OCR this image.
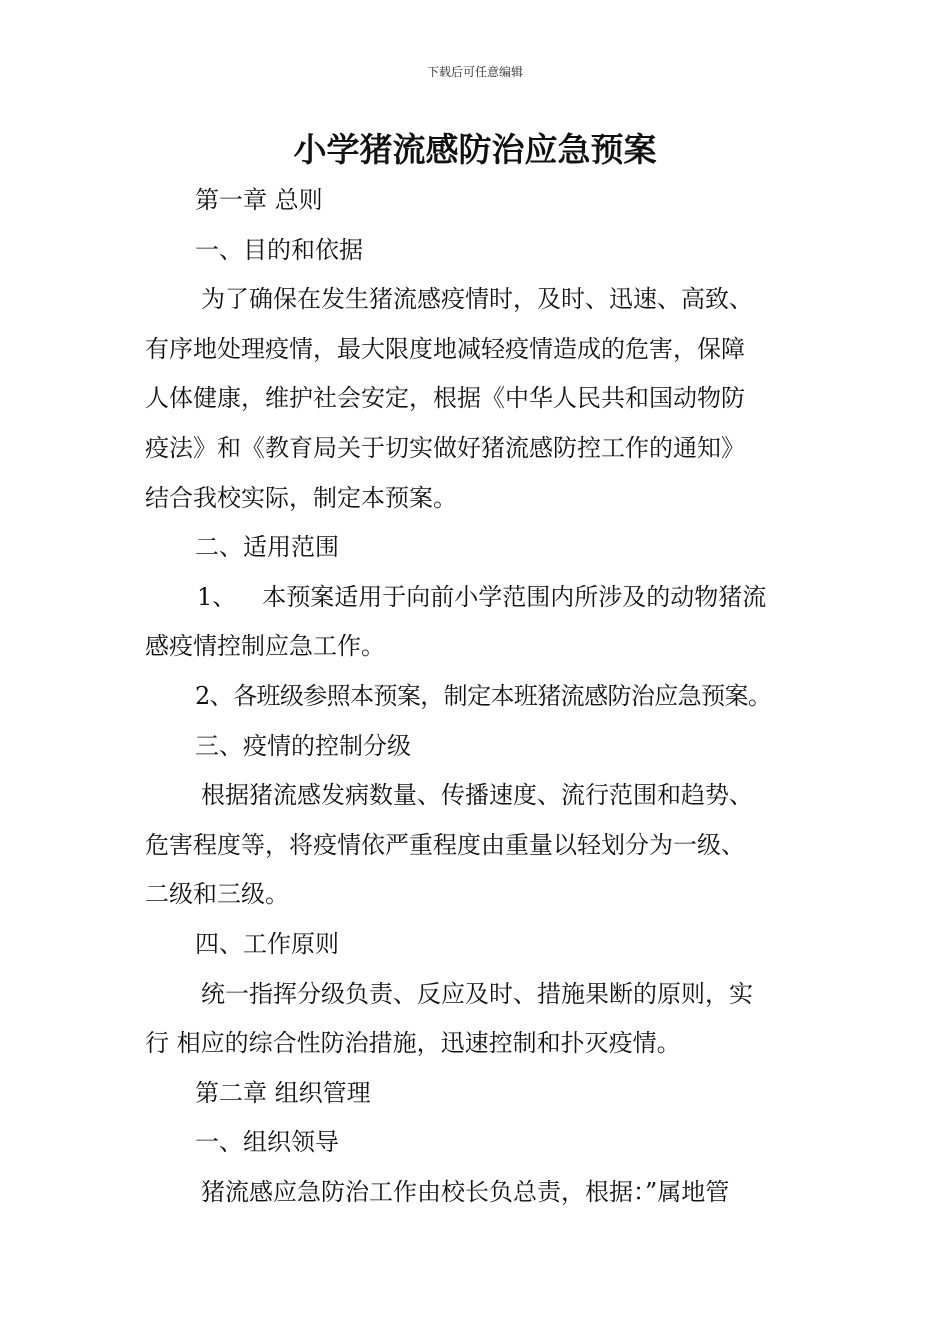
下载后可任意编辑
小学猪流感防治应急预案
第一章 总则
一、目的和依据
为了确保在发生猪流感疫情时，及时、迅速、高致、
有序地处理疫情，最大限度地减轻疫情造成的危害，保障
人体健康，维护社会安定，根据《中华人民共和国动物防
疫法》和《教育局关于切实做好猪流感防控工作的通知》
结合我校实际，制定本预案。
二、适用范围
1、 本预案适用于向前小学范围内所涉及的动物猪流
感疫情控制应急工作。
2、各班级参照本预案，制定本班猪流感防治应急预案。
三、疫情的控制分级
根据猪流感发病数量、传播速度、流行范围和趋势、
危害程度等，将疫情依严重程度由重量以轻划分为一级、
二级和三级。
四、工作原则
统一指挥分级负责、反应及时、措施果断的原则，实
行 相应的综合性防治措施，迅速控制和扑灭疫情。
第二章 组织管理
一、组织领导
猪流感应急防治工作由校长负总责，根据：”属地管
